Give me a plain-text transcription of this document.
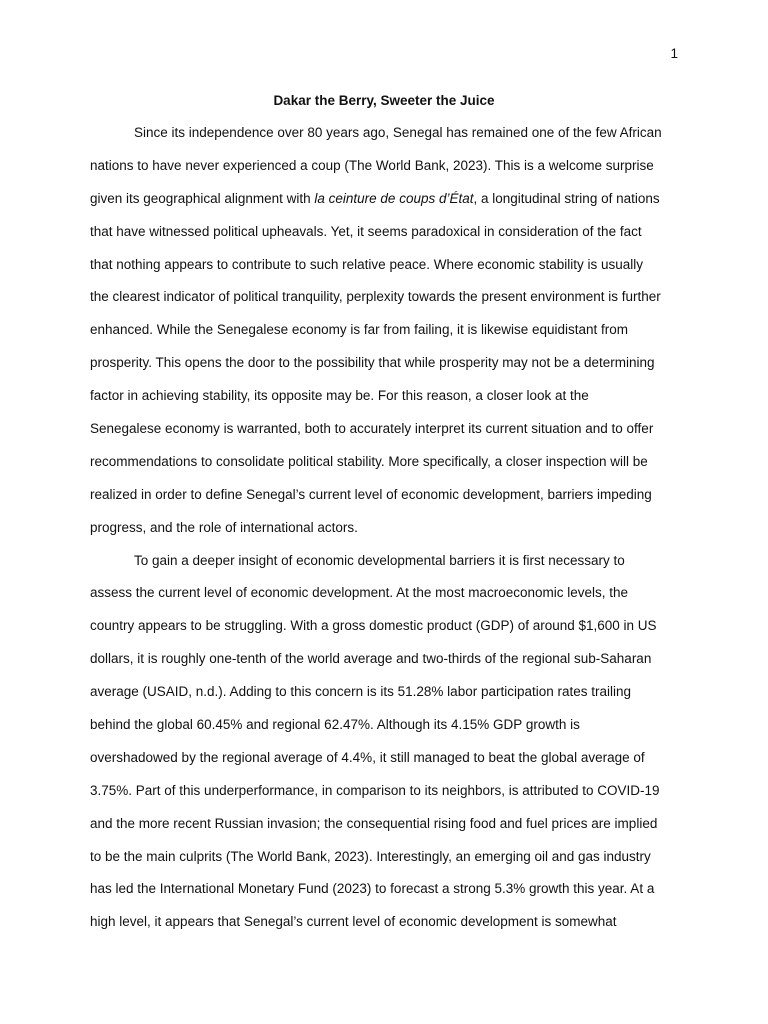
1
Dakar the Berry, Sweeter the Juice
Since its independence over 80 years ago, Senegal has remained one of the few African
nations to have never experienced a coup (The World Bank, 2023). This is a welcome surprise
given its geographical alignment with la ceinture de coups d’État, a longitudinal string of nations
that have witnessed political upheavals. Yet, it seems paradoxical in consideration of the fact
that nothing appears to contribute to such relative peace. Where economic stability is usually
the clearest indicator of political tranquility, perplexity towards the present environment is further
enhanced. While the Senegalese economy is far from failing, it is likewise equidistant from
prosperity. This opens the door to the possibility that while prosperity may not be a determining
factor in achieving stability, its opposite may be. For this reason, a closer look at the
Senegalese economy is warranted, both to accurately interpret its current situation and to offer
recommendations to consolidate political stability. More specifically, a closer inspection will be
realized in order to define Senegal’s current level of economic development, barriers impeding
progress, and the role of international actors.
To gain a deeper insight of economic developmental barriers it is first necessary to
assess the current level of economic development. At the most macroeconomic levels, the
country appears to be struggling. With a gross domestic product (GDP) of around $1,600 in US
dollars, it is roughly one-tenth of the world average and two-thirds of the regional sub-Saharan
average (USAID, n.d.). Adding to this concern is its 51.28% labor participation rates trailing
behind the global 60.45% and regional 62.47%. Although its 4.15% GDP growth is
overshadowed by the regional average of 4.4%, it still managed to beat the global average of
3.75%. Part of this underperformance, in comparison to its neighbors, is attributed to COVID-19
and the more recent Russian invasion; the consequential rising food and fuel prices are implied
to be the main culprits (The World Bank, 2023). Interestingly, an emerging oil and gas industry
has led the International Monetary Fund (2023) to forecast a strong 5.3% growth this year. At a
high level, it appears that Senegal’s current level of economic development is somewhat
